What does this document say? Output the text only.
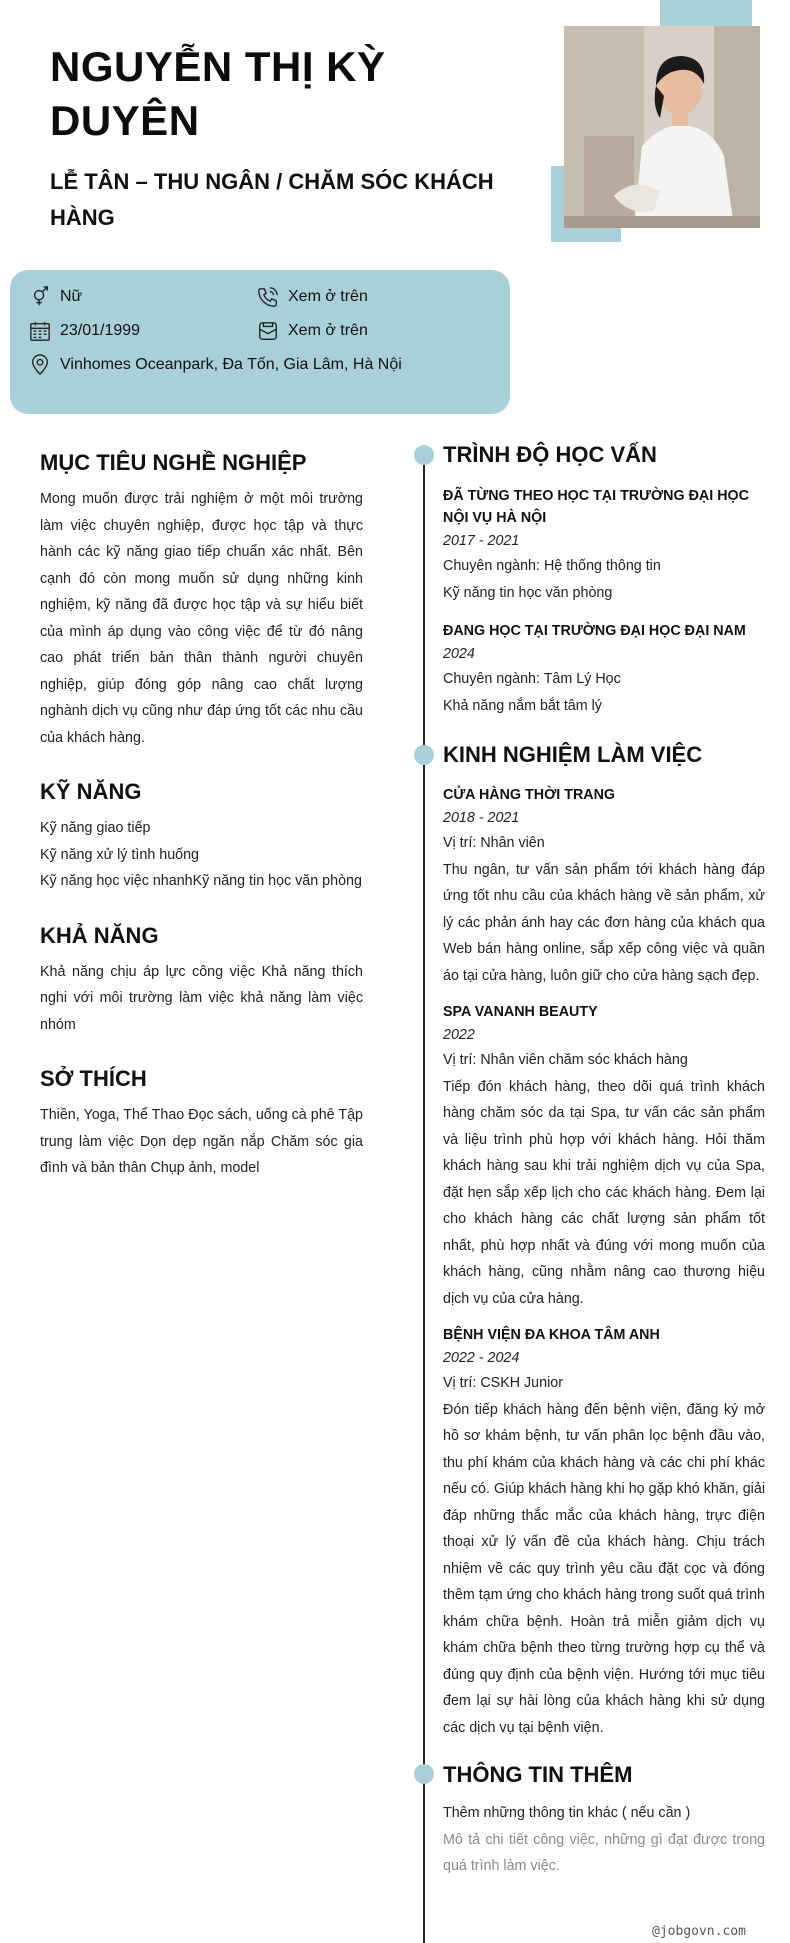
NGUYỄN THỊ KỲ DUYÊN
LỄ TÂN – THU NGÂN / CHĂM SÓC KHÁCH HÀNG
Nữ	Xem ở trên
23/01/1999	Xem ở trên
Vinhomes Oceanpark, Đa Tốn, Gia Lâm, Hà Nội
MỤC TIÊU NGHỀ NGHIỆP
Mong muốn được trải nghiệm ở một môi trường làm việc chuyên nghiệp, được học tập và thực hành các kỹ năng giao tiếp chuẩn xác nhất. Bên cạnh đó còn mong muốn sử dụng những kinh nghiệm, kỹ năng đã được học tập và sự hiểu biết của mình áp dụng vào công việc để từ đó nâng cao phát triển bản thân thành người chuyên nghiệp, giúp đóng góp nâng cao chất lượng nghành dịch vụ cũng như đáp ứng tốt các nhu cầu của khách hàng.
KỸ NĂNG
Kỹ năng giao tiếp
Kỹ năng xử lý tình huống
Kỹ năng học việc nhanhKỹ năng tin học văn phòng
KHẢ NĂNG
Khả năng chịu áp lực công việc Khả năng thích nghi với môi trường làm việc khả năng làm việc nhóm
SỞ THÍCH
Thiền, Yoga, Thể Thao Đọc sách, uống cà phê Tập trung làm việc Dọn dẹp ngăn nắp Chăm sóc gia đình và bản thân Chụp ảnh, model
TRÌNH ĐỘ HỌC VẤN
ĐÃ TỪNG THEO HỌC TẠI TRƯỜNG ĐẠI HỌC NỘI VỤ HÀ NỘI
2017 - 2021
Chuyên ngành: Hệ thống thông tin
Kỹ năng tin học văn phòng
ĐANG HỌC TẠI TRƯỜNG ĐẠI HỌC ĐẠI NAM
2024
Chuyên ngành: Tâm Lý Học
Khả năng nắm bắt tâm lý
KINH NGHIỆM LÀM VIỆC
CỬA HÀNG THỜI TRANG
2018 - 2021
Vị trí: Nhân viên
Thu ngân, tư vấn sản phẩm tới khách hàng đáp ứng tốt nhu cầu của khách hàng về sản phẩm, xử lý các phản ánh hay các đơn hàng của khách qua Web bán hàng online, sắp xếp công việc và quần áo tại cửa hàng, luôn giữ cho cửa hàng sạch đẹp.
SPA VANANH BEAUTY
2022
Vị trí: Nhân viên chăm sóc khách hàng
Tiếp đón khách hàng, theo dõi quá trình khách hàng chăm sóc da tại Spa, tư vấn các sản phẩm và liệu trình phù hợp với khách hàng. Hỏi thăm khách hàng sau khi trải nghiệm dịch vụ của Spa, đặt hẹn sắp xếp lịch cho các khách hàng. Đem lại cho khách hàng các chất lượng sản phẩm tốt nhất, phù hợp nhất và đúng với mong muốn của khách hàng, cũng nhằm nâng cao thương hiệu dịch vụ của cửa hàng.
BỆNH VIỆN ĐA KHOA TÂM ANH
2022 - 2024
Vị trí: CSKH Junior
Đón tiếp khách hàng đến bệnh viện, đăng ký mở hồ sơ khám bệnh, tư vấn phân lọc bệnh đầu vào, thu phí khám của khách hàng và các chi phí khác nếu có. Giúp khách hàng khi họ gặp khó khăn, giải đáp những thắc mắc của khách hàng, trực điện thoại xử lý vấn đề của khách hàng. Chịu trách nhiệm về các quy trình yêu cầu đặt cọc và đóng thêm tạm ứng cho khách hàng trong suốt quá trình khám chữa bệnh. Hoàn trả miễn giảm dịch vụ khám chữa bệnh theo từng trường hợp cụ thể và đúng quy định của bệnh viện. Hướng tới mục tiêu đem lại sự hài lòng của khách hàng khi sử dụng các dịch vụ tại bệnh viện.
THÔNG TIN THÊM
Thêm những thông tin khác ( nếu cần )
Mô tả chi tiết công việc, những gì đạt được trong quá trình làm việc.
@jobgovn.com
